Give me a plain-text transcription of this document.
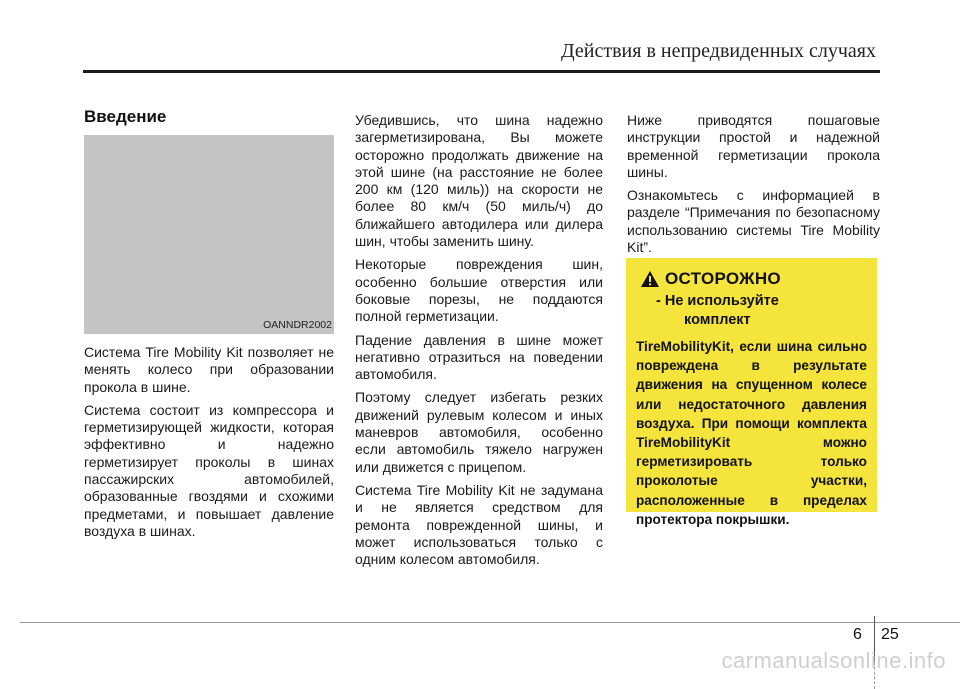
Действия в непредвиденных случаях
Введение
OANNDR2002

Система Tire Mobility Kit позволяет не менять колесо при образовании прокола в шине.

Система состоит из компрессора и герметизирующей жидкости, которая эффективно и надежно герметизирует проколы в шинах пассажирских автомобилей, образованные гвоздями и схожими предметами, и повышает давление воздуха в шинах.

Убедившись, что шина надежно загерметизирована, Вы можете осторожно продолжать движение на этой шине (на расстояние не более 200 км (120 миль)) на скорости не более 80 км/ч (50 миль/ч) до ближайшего автодилера или дилера шин, чтобы заменить шину.

Некоторые повреждения шин, особенно большие отверстия или боковые порезы, не поддаются полной герметизации.

Падение давления в шине может негативно отразиться на поведении автомобиля.

Поэтому следует избегать резких движений рулевым колесом и иных маневров автомобиля, особенно если автомобиль тяжело нагружен или движется с прицепом.

Система Tire Mobility Kit не задумана и не является средством для ремонта поврежденной шины, и может использоваться только с одним колесом автомобиля.

Ниже приводятся пошаговые инструкции простой и надежной временной герметизации прокола шины.

Ознакомьтесь с информацией в разделе “Примечания по безопасному использованию системы Tire Mobility Kit”.

ОСТОРОЖНО
- Не используйте
комплект
TireMobilityKit, если шина сильно повреждена в результате движения на спущенном колесе или недостаточного давления воздуха. При помощи комплекта TireMobilityKit можно герметизировать только проколотые участки, расположенные в пределах протектора покрышки.
6 25
carmanualsonline.info
